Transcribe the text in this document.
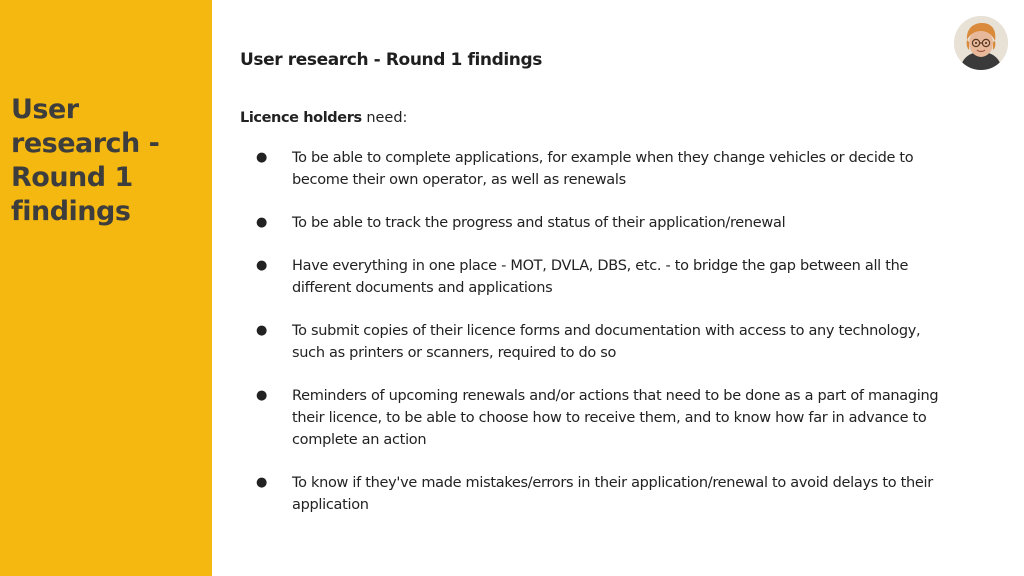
User research - Round 1 findings
User research - Round 1 findings

Licence holders need:

● To be able to complete applications, for example when they change vehicles or decide to become their own operator, as well as renewals
● To be able to track the progress and status of their application/renewal
● Have everything in one place - MOT, DVLA, DBS, etc. - to bridge the gap between all the different documents and applications
● To submit copies of their licence forms and documentation with access to any technology, such as printers or scanners, required to do so
● Reminders of upcoming renewals and/or actions that need to be done as a part of managing their licence, to be able to choose how to receive them, and to know how far in advance to complete an action
● To know if they've made mistakes/errors in their application/renewal to avoid delays to their application
